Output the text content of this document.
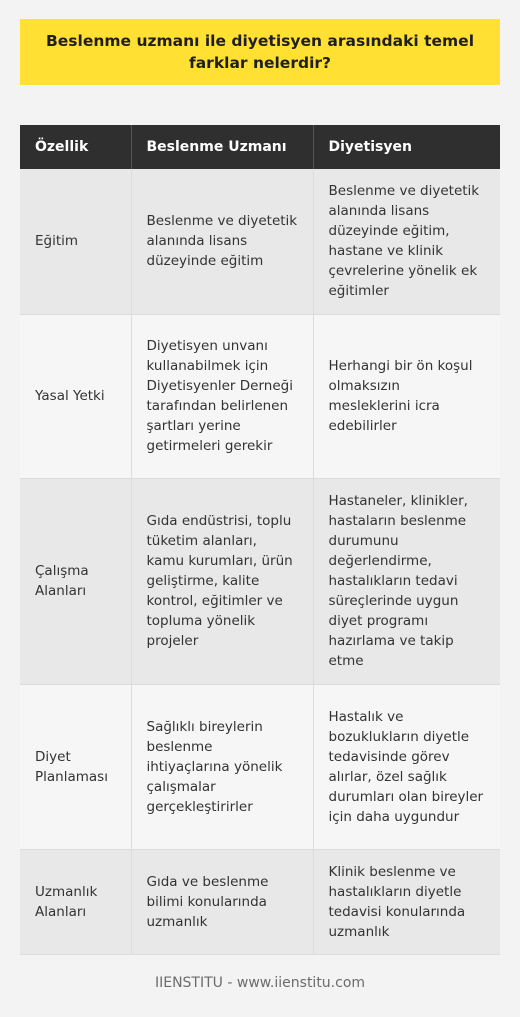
Beslenme uzmanı ile diyetisyen arasındaki temel farklar nelerdir?
Özellik	Beslenme Uzmanı	Diyetisyen
Eğitim	Beslenme ve diyetetik alanında lisans düzeyinde eğitim	Beslenme ve diyetetik alanında lisans düzeyinde eğitim, hastane ve klinik çevrelerine yönelik ek eğitimler
Yasal Yetki	Diyetisyen unvanı kullanabilmek için Diyetisyenler Derneği tarafından belirlenen şartları yerine getirmeleri gerekir	Herhangi bir ön koşul olmaksızın mesleklerini icra edebilirler
Çalışma Alanları	Gıda endüstrisi, toplu tüketim alanları, kamu kurumları, ürün geliştirme, kalite kontrol, eğitimler ve topluma yönelik projeler	Hastaneler, klinikler, hastaların beslenme durumunu değerlendirme, hastalıkların tedavi süreçlerinde uygun diyet programı hazırlama ve takip etme
Diyet Planlaması	Sağlıklı bireylerin beslenme ihtiyaçlarına yönelik çalışmalar gerçekleştirirler	Hastalık ve bozuklukların diyetle tedavisinde görev alırlar, özel sağlık durumları olan bireyler için daha uygundur
Uzmanlık Alanları	Gıda ve beslenme bilimi konularında uzmanlık	Klinik beslenme ve hastalıkların diyetle tedavisi konularında uzmanlık
IIENSTITU - www.iienstitu.com
